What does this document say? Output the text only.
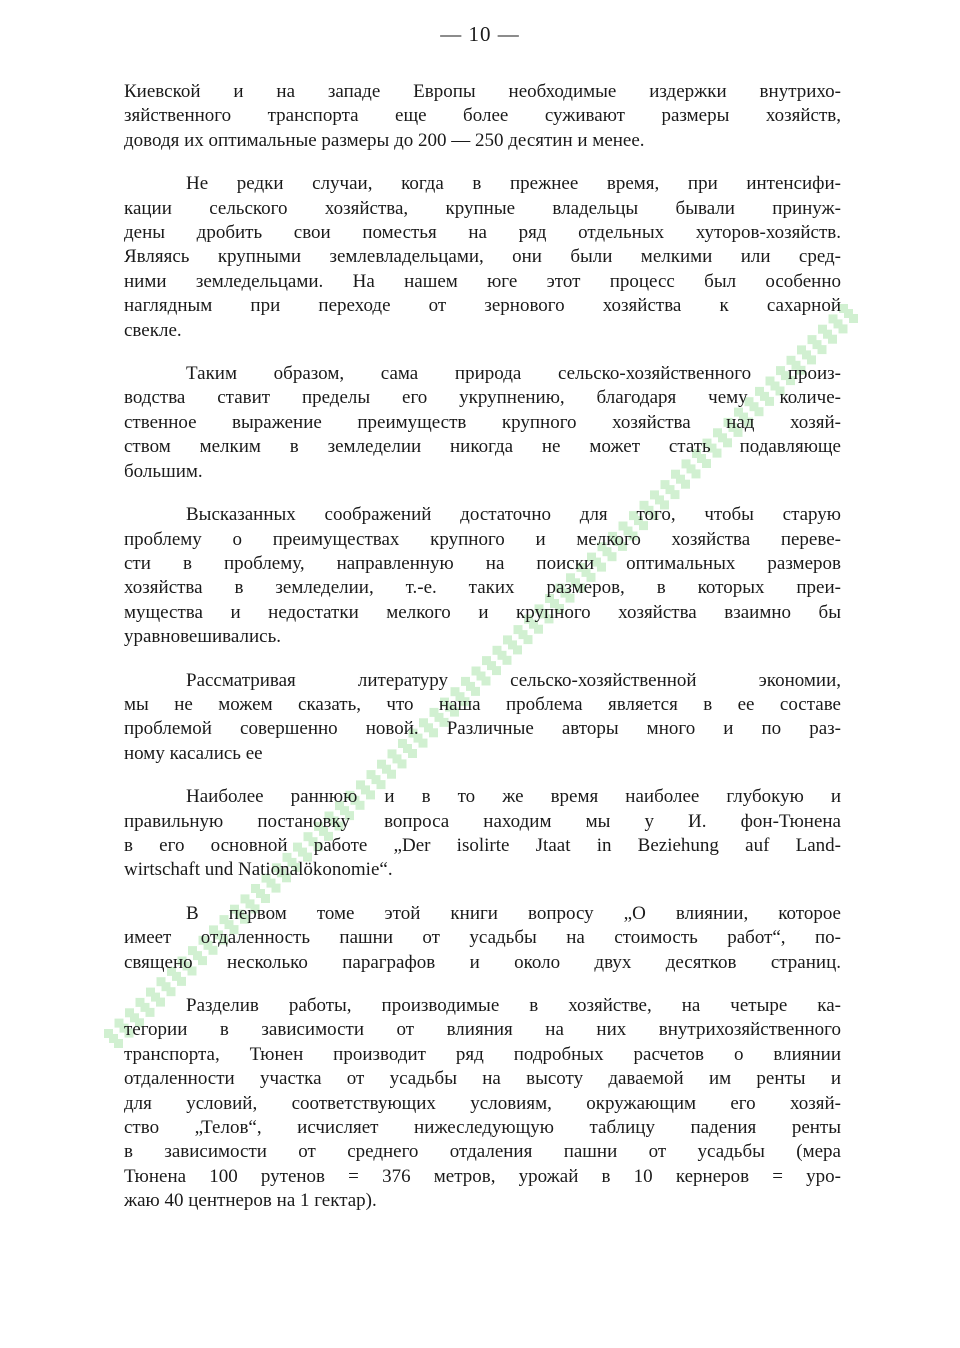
— 10 —
Киевской и на западе Европы необходимые издержки внутрихо-
зяйственного транспорта еще более суживают размеры хозяйств,
доводя их оптимальные размеры до 200 — 250 десятин и менее.
Не редки случаи, когда в прежнее время, при интенсифи-
кации сельского хозяйства, крупные владельцы бывали принуж-
дены дробить свои поместья на ряд отдельных хуторов-хозяйств.
Являясь крупными землевладельцами, они были мелкими или сред-
ними земледельцами. На нашем юге этот процесс был особенно
наглядным при переходе от зернового хозяйства к сахарной
свекле.
Таким образом, сама природа сельско-хозяйственного произ-
водства ставит пределы его укрупнению, благодаря чему количе-
ственное выражение преимуществ крупного хозяйства над хозяй-
ством мелким в земледелии никогда не может стать подавляюще
большим.
Высказанных соображений достаточно для того, чтобы старую
проблему о преимуществах крупного и мелкого хозяйства переве-
сти в проблему, направленную на поиски оптимальных размеров
хозяйства в земледелии, т.-е. таких размеров, в которых преи-
мущества и недостатки мелкого и крупного хозяйства взаимно бы
уравновешивались.
Рассматривая литературу сельско-хозяйственной экономии,
мы не можем сказать, что наша проблема является в ее составе
проблемой совершенно новой. Различные авторы много и по раз-
ному касались ее
Наиболее раннюю и в то же время наиболее глубокую и
правильную постановку вопроса находим мы у И. фон-Тюнена
в его основной работе „Der isolirte Jtaat in Beziehung auf Land-
wirtschaft und Nationalökonomie“.
В первом томе этой книги вопросу „О влиянии, которое
имеет отдаленность пашни от усадьбы на стоимость работ“, по-
священо несколько параграфов и около двух десятков страниц.
Разделив работы, производимые в хозяйстве, на четыре ка-
тегории в зависимости от влияния на них внутрихозяйственного
транспорта, Тюнен производит ряд подробных расчетов о влиянии
отдаленности участка от усадьбы на высоту даваемой им ренты и
для условий, соответствующих условиям, окружающим его хозяй-
ство „Телов“, исчисляет нижеследующую таблицу падения ренты
в зависимости от среднего отдаления пашни от усадьбы (мера
Тюнена 100 рутенов = 376 метров, урожай в 10 кернеров = уро-
жаю 40 центнеров на 1 гектар).
